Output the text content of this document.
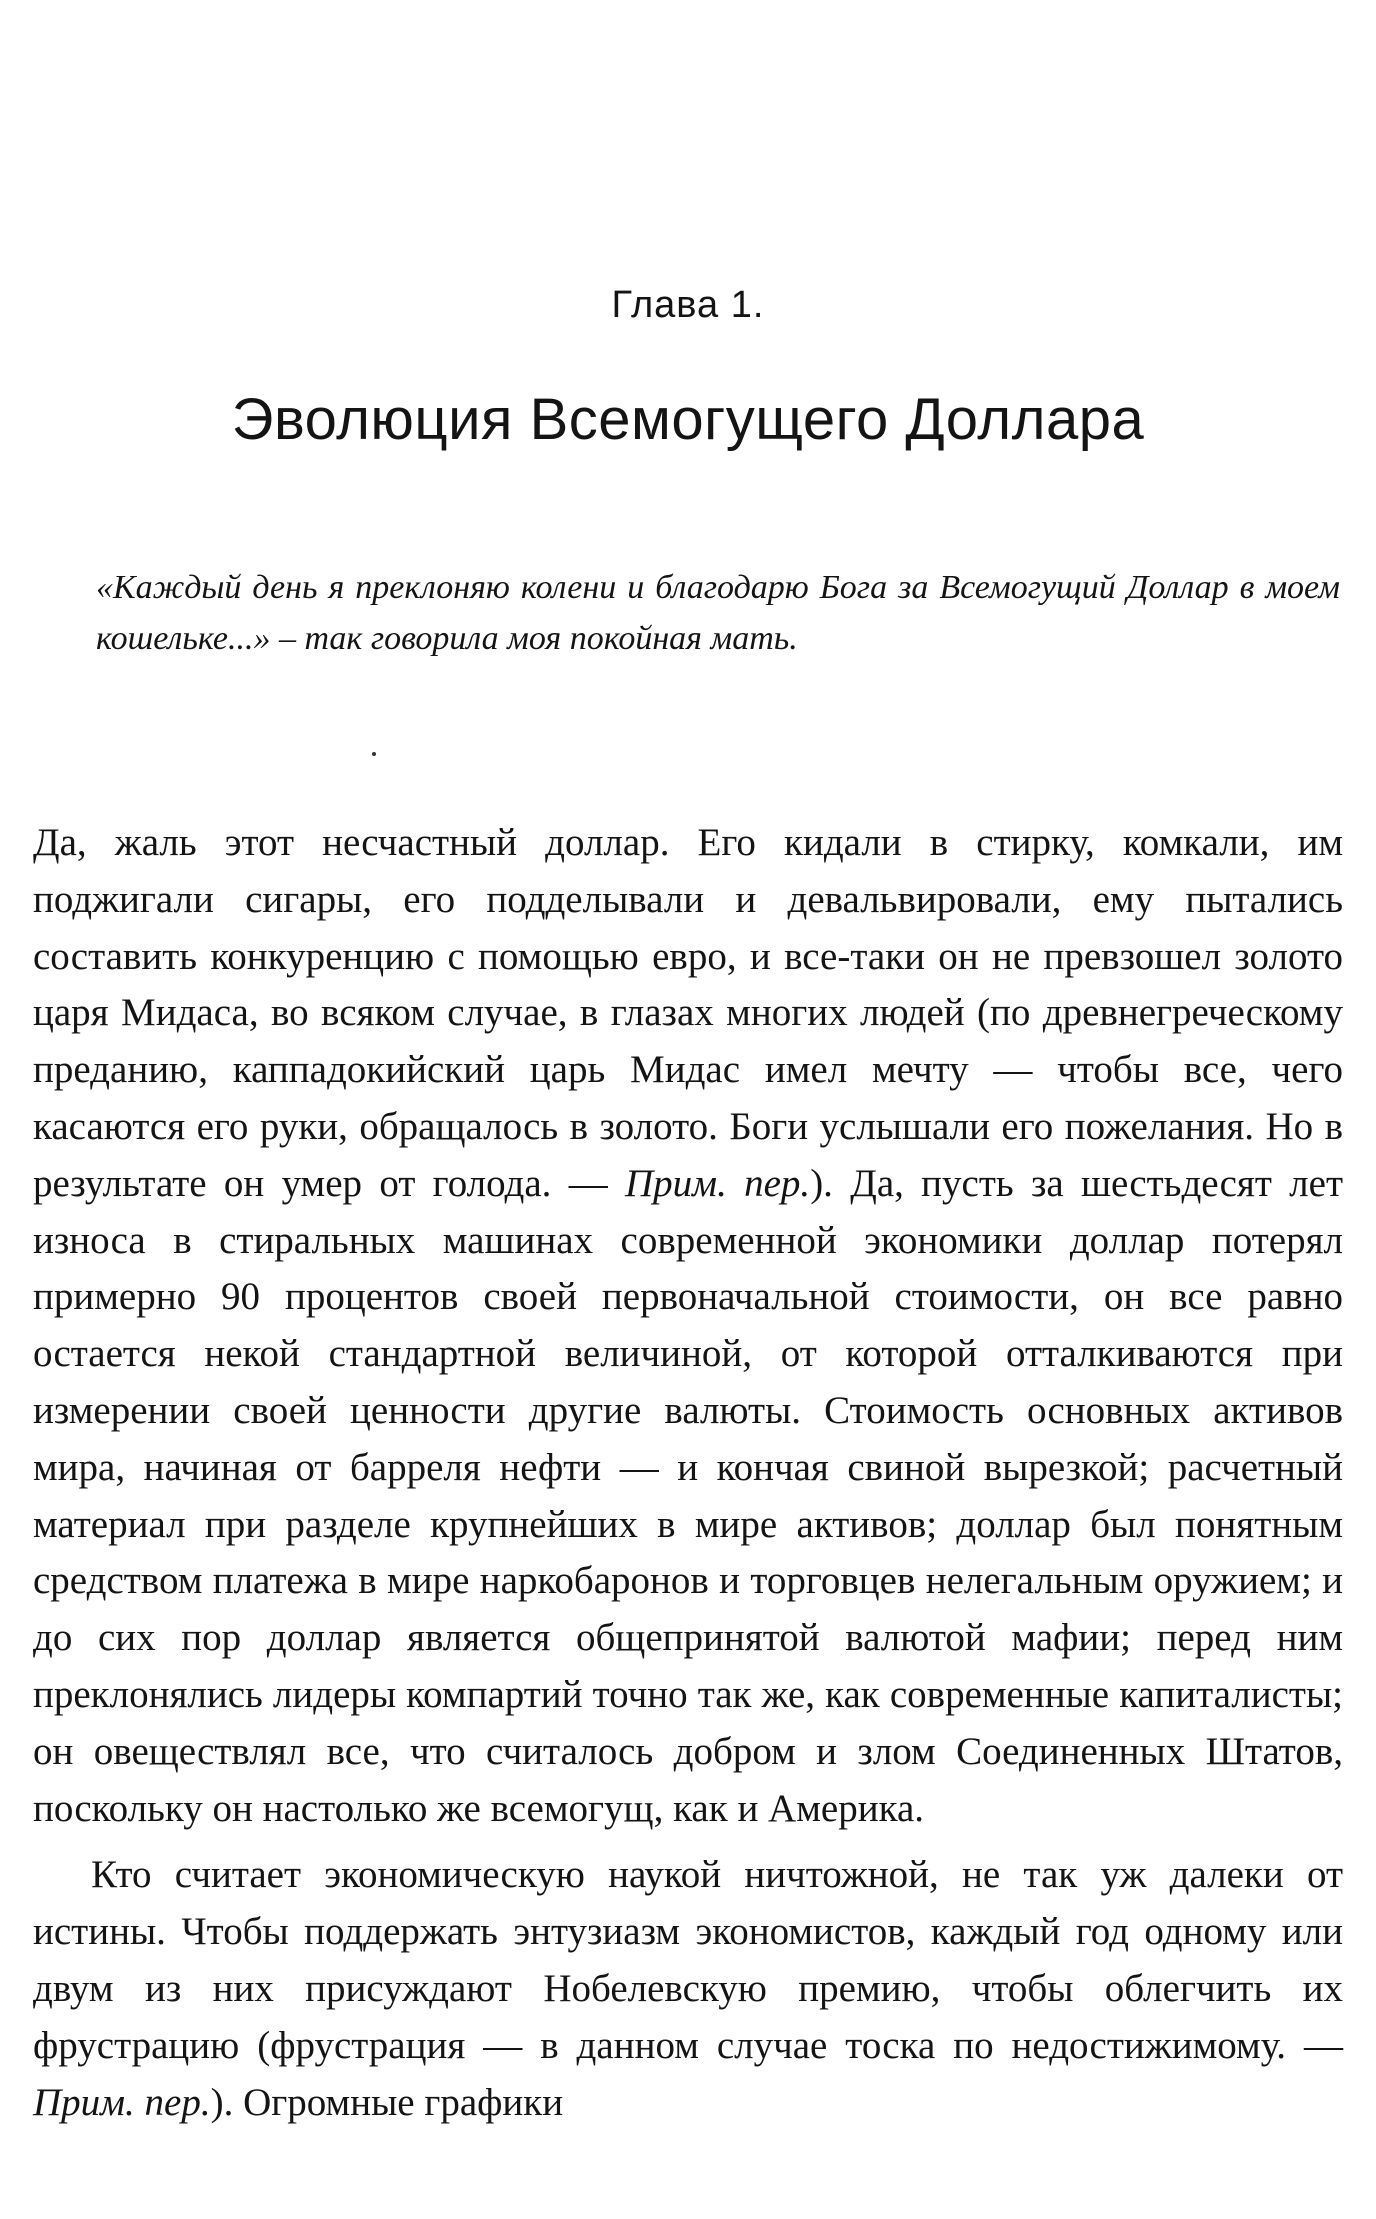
Глава 1.
Эволюция Всемогущего Доллара
«Каждый день я преклоняю колени и благодарю Бога за Всемогущий Доллар в моем кошельке...» – так говорила моя покойная мать.

Да, жаль этот несчастный доллар. Его кидали в стирку, комкали, им поджигали сигары, его подделывали и девальвировали, ему пытались составить конкуренцию с помощью евро, и все-таки он не превзошел золото царя Мидаса, во всяком случае, в глазах многих людей (по древнегреческому преданию, каппадокийский царь Мидас имел мечту — чтобы все, чего касаются его руки, обращалось в золото. Боги услышали его пожелания. Но в результате он умер от голода. — Прим. пер.). Да, пусть за шестьдесят лет износа в стиральных машинах современной экономики доллар потерял примерно 90 процентов своей первоначальной стоимости, он все равно остается некой стандартной величиной, от которой отталкиваются при измерении своей ценности другие валюты. Стоимость основных активов мира, начиная от барреля нефти — и кончая свиной вырезкой; расчетный материал при разделе крупнейших в мире активов; доллар был понятным средством платежа в мире наркобаронов и торговцев нелегальным оружием; и до сих пор доллар является общепринятой валютой мафии; перед ним преклонялись лидеры компартий точно так же, как современные капиталисты; он овеществлял все, что считалось добром и злом Соединенных Штатов, поскольку он настолько же всемогущ, как и Америка.

Кто считает экономическую наукой ничтожной, не так уж далеки от истины. Чтобы поддержать энтузиазм экономистов, каждый год одному или двум из них присуждают Нобелевскую премию, чтобы облегчить их фрустрацию (фрустрация — в данном случае тоска по недостижимому. — Прим. пер.). Огромные графики
